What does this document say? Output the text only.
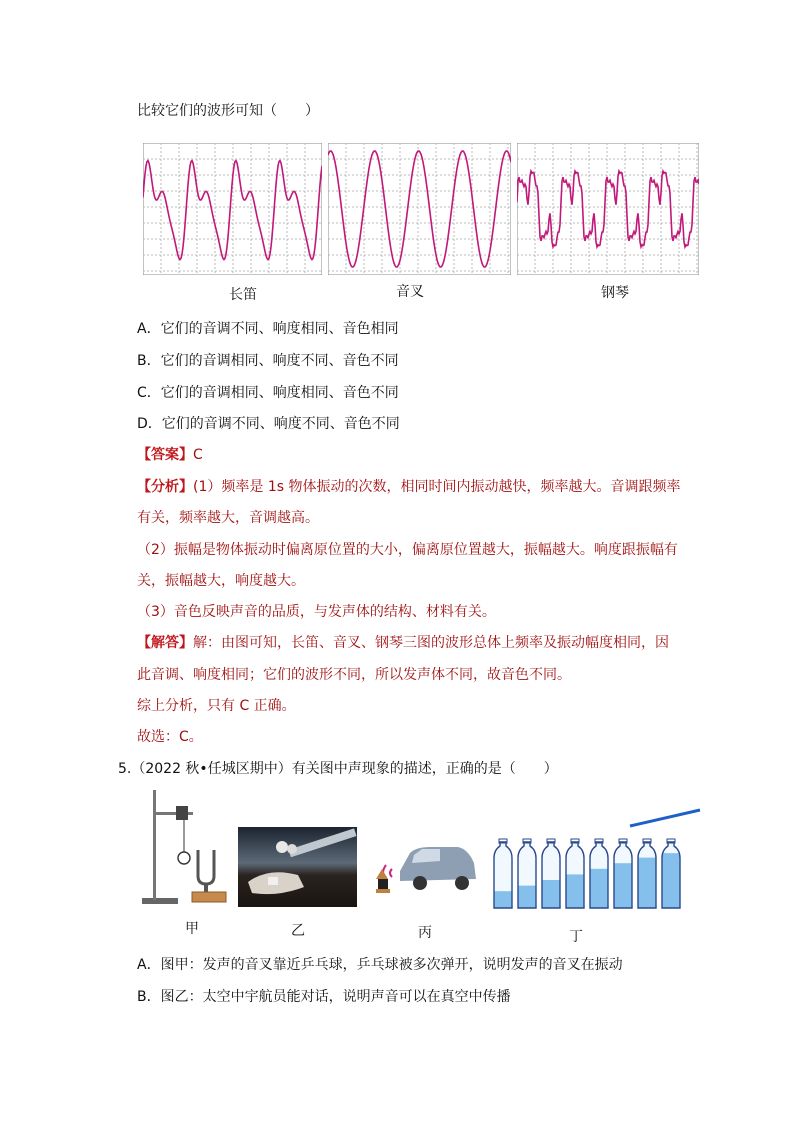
比较它们的波形可知（　　）
长笛	音叉	钢琴
A．它们的音调不同、响度相同、音色相同
B．它们的音调相同、响度不同、音色不同
C．它们的音调相同、响度相同、音色不同
D．它们的音调不同、响度不同、音色不同
【答案】C
【分析】(1）频率是 1s 物体振动的次数，相同时间内振动越快，频率越大。音调跟频率
有关，频率越大，音调越高。
（2）振幅是物体振动时偏离原位置的大小，偏离原位置越大，振幅越大。响度跟振幅有
关，振幅越大，响度越大。
（3）音色反映声音的品质，与发声体的结构、材料有关。
【解答】解：由图可知，长笛、音叉、钢琴三图的波形总体上频率及振动幅度相同，因
此音调、响度相同；它们的波形不同，所以发声体不同，故音色不同。
综上分析，只有 C 正确。
故选：C。
5.（2022 秋•任城区期中）有关图中声现象的描述，正确的是（　　）
甲	乙	丙	丁
A．图甲：发声的音叉靠近乒乓球，乒乓球被多次弹开，说明发声的音叉在振动
B．图乙：太空中宇航员能对话，说明声音可以在真空中传播
